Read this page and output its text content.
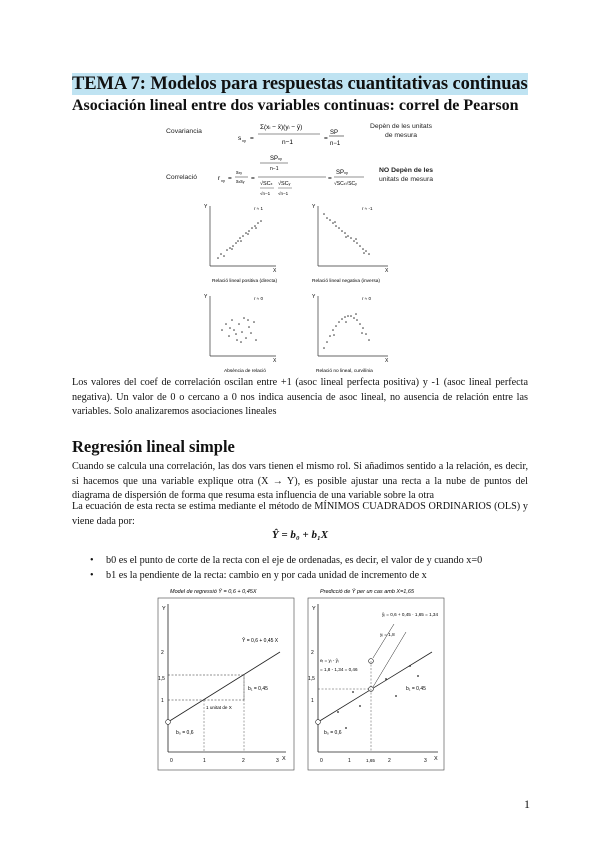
TEMA 7: Modelos para respuestas cuantitativas continuas
Asociación lineal entre dos variables continuas: correl de Pearson
Covariancia
s xy =
Σ(xi − x̄)(yi − ȳ)
n−1
=
SP
n−1
Depèn de les unitats
de mesura
Correlació	r xy =
sxy
sxsy =
SPxy
n−1
√SCx √SCy
√n−1 √n−1
=
SPxy
√SCx√SCy
NO Depèn de les
unitats de mesura
Y
X
r ≈ 1
Relació lineal positiva (directa)
Y
X
r ≈ -1
Relació lineal negativa (inversa)
Y
X
r ≈ 0
Absència de relació
Y
X
r ≈ 0
Relació no lineal, curvilínia
Los valores del coef de correlación oscilan entre +1 (asoc lineal perfecta positiva) y -1 (asoc lineal perfecta negativa). Un valor de 0 o cercano a 0 nos indica ausencia de asoc lineal, no ausencia de relación entre las variables. Solo analizaremos asociaciones lineales
Regresión lineal simple
Cuando se calcula una correlación, las dos vars tienen el mismo rol. Si añadimos sentido a la relación, es decir, si hacemos que una variable explique otra (X → Y), es posible ajustar una recta a la nube de puntos del diagrama de dispersión de forma que resuma esta influencia de una variable sobre la otra
La ecuación de esta recta se estima mediante el método de MÍNIMOS CUADRADOS ORDINARIOS (OLS) y viene dada por:
Ŷ = b₀ + b₁X
• b0 es el punto de corte de la recta con el eje de ordenadas, es decir, el valor de y cuando x=0
• b1 es la pendiente de la recta: cambio en y por cada unidad de incremento de x
Model de regressió Ŷ = 0,6 + 0,45X	Predicció de Ŷ per un cas amb X=1,65
Y
X
0	1	2	3
1
1,5
2
Ŷ = 0,6 + 0,45 X
b₀ = 0,6
b₁ = 0,45
1 unitat de X
Y
X
0	1	1,65	2	3
1
1,5
2
ŷᵢ = 0,6 + 0,45 · 1,65 = 1,34
yᵢ = 1,8
eᵢ = yᵢ - ŷᵢ
= 1,8 - 1,34 = 0,46
b₀ = 0,6
b₁ = 0,45
1
